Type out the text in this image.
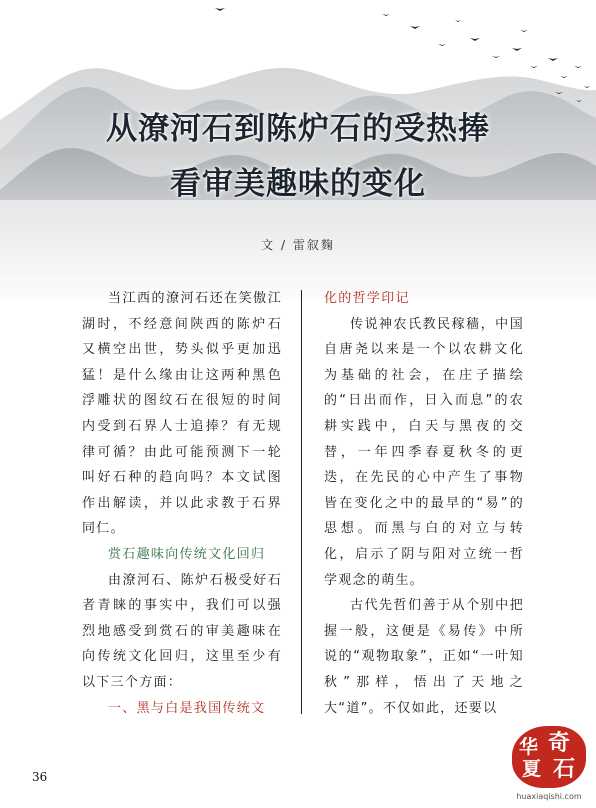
从潦河石到陈炉石的受热捧
看审美趣味的变化
文 / 雷叙麴

当江西的潦河石还在笑傲江湖时，不经意间陕西的陈炉石又横空出世，势头似乎更加迅猛！是什么缘由让这两种黑色浮雕状的图纹石在很短的时间内受到石界人士追捧？有无规律可循？由此可能预测下一轮叫好石种的趋向吗？本文试图作出解读，并以此求教于石界同仁。

赏石趣味向传统文化回归

由潦河石、陈炉石极受好石者青睐的事实中，我们可以强烈地感受到赏石的审美趣味在向传统文化回归，这里至少有以下三个方面：

一、黑与白是我国传统文

化的哲学印记

传说神农氏教民稼穑，中国自唐尧以来是一个以农耕文化为基础的社会，在庄子描绘的“日出而作，日入而息”的农耕实践中，白天与黑夜的交替，一年四季春夏秋冬的更迭，在先民的心中产生了事物皆在变化之中的最早的“易”的思想。而黑与白的对立与转化，启示了阴与阳对立统一哲学观念的萌生。

古代先哲们善于从个别中把握一般，这便是《易传》中所说的“观物取象”，正如“一叶知秋”那样，悟出了天地之大“道”。不仅如此，还要以

36
华 奇
夏 石
huaxiaqishi.com
